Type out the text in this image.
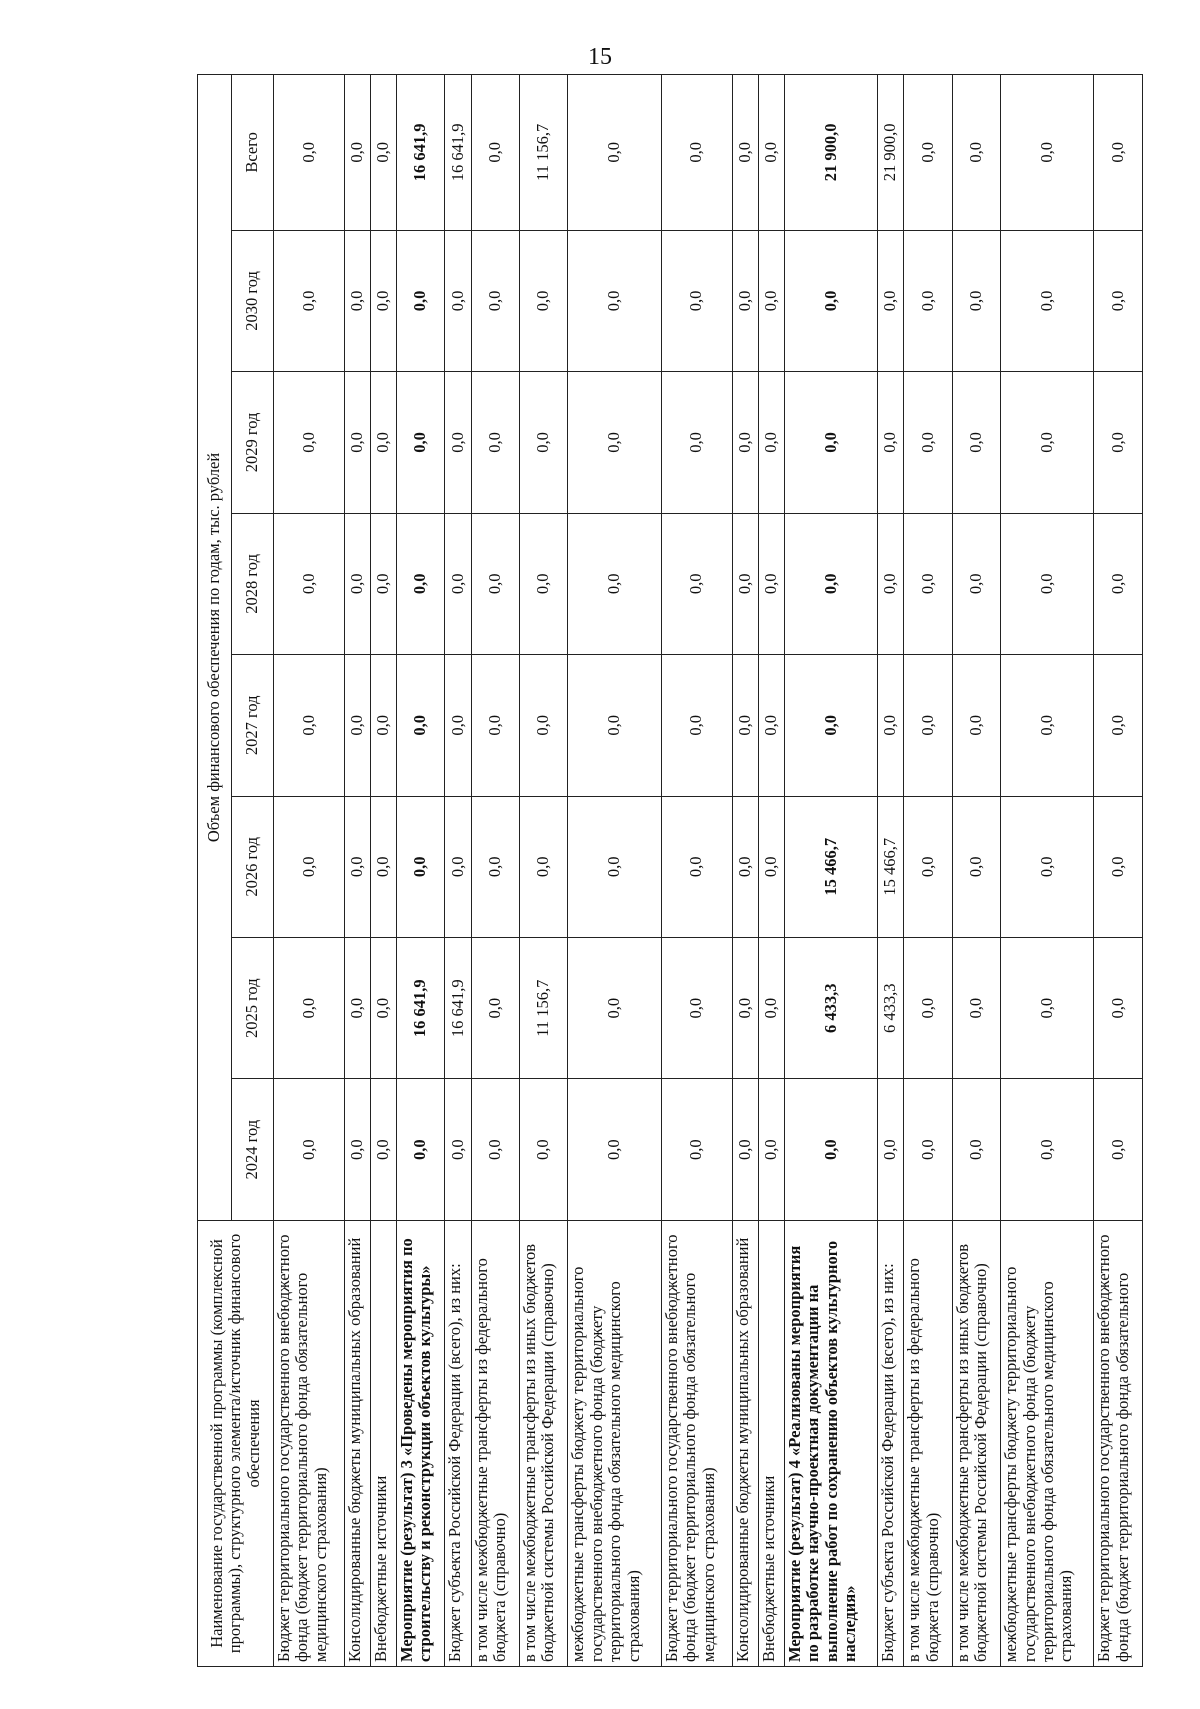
15
Наименование государственной программы (комплексной программы), структурного элемента/источник финансового обеспечения	Объем финансового обеспечения по годам, тыс. рублей							
	2024 год	2025 год	2026 год	2027 год	2028 год	2029 год	2030 год	Всего
Бюджет территориального государственного внебюджетного фонда (бюджет территориального фонда обязательного медицинского страхования)	0,0	0,0	0,0	0,0	0,0	0,0	0,0	0,0
Консолидированные бюджеты муниципальных образований	0,0	0,0	0,0	0,0	0,0	0,0	0,0	0,0
Внебюджетные источники	0,0	0,0	0,0	0,0	0,0	0,0	0,0	0,0
Мероприятие (результат) 3 «Проведены мероприятия по строительству и реконструкции объектов культуры»	0,0	16 641,9	0,0	0,0	0,0	0,0	0,0	16 641,9
Бюджет субъекта Российской Федерации (всего), из них:	0,0	16 641,9	0,0	0,0	0,0	0,0	0,0	16 641,9
в том числе межбюджетные трансферты из федерального бюджета (справочно)	0,0	0,0	0,0	0,0	0,0	0,0	0,0	0,0
в том числе межбюджетные трансферты из иных бюджетов бюджетной системы Российской Федерации (справочно)	0,0	11 156,7	0,0	0,0	0,0	0,0	0,0	11 156,7
межбюджетные трансферты бюджету территориального государственного внебюджетного фонда (бюджету территориального фонда обязательного медицинского страхования)	0,0	0,0	0,0	0,0	0,0	0,0	0,0	0,0
Бюджет территориального государственного внебюджетного фонда (бюджет территориального фонда обязательного медицинского страхования)	0,0	0,0	0,0	0,0	0,0	0,0	0,0	0,0
Консолидированные бюджеты муниципальных образований	0,0	0,0	0,0	0,0	0,0	0,0	0,0	0,0
Внебюджетные источники	0,0	0,0	0,0	0,0	0,0	0,0	0,0	0,0
Мероприятие (результат) 4 «Реализованы мероприятия по разработке научно-проектная документации на выполнение работ по сохранению объектов культурного наследия»	0,0	6 433,3	15 466,7	0,0	0,0	0,0	0,0	21 900,0
Бюджет субъекта Российской Федерации (всего), из них:	0,0	6 433,3	15 466,7	0,0	0,0	0,0	0,0	21 900,0
в том числе межбюджетные трансферты из федерального бюджета (справочно)	0,0	0,0	0,0	0,0	0,0	0,0	0,0	0,0
в том числе межбюджетные трансферты из иных бюджетов бюджетной системы Российской Федерации (справочно)	0,0	0,0	0,0	0,0	0,0	0,0	0,0	0,0
межбюджетные трансферты бюджету территориального государственного внебюджетного фонда (бюджету территориального фонда обязательного медицинского страхования)	0,0	0,0	0,0	0,0	0,0	0,0	0,0	0,0
Бюджет территориального государственного внебюджетного фонда (бюджет территориального фонда обязательного	0,0	0,0	0,0	0,0	0,0	0,0	0,0	0,0
